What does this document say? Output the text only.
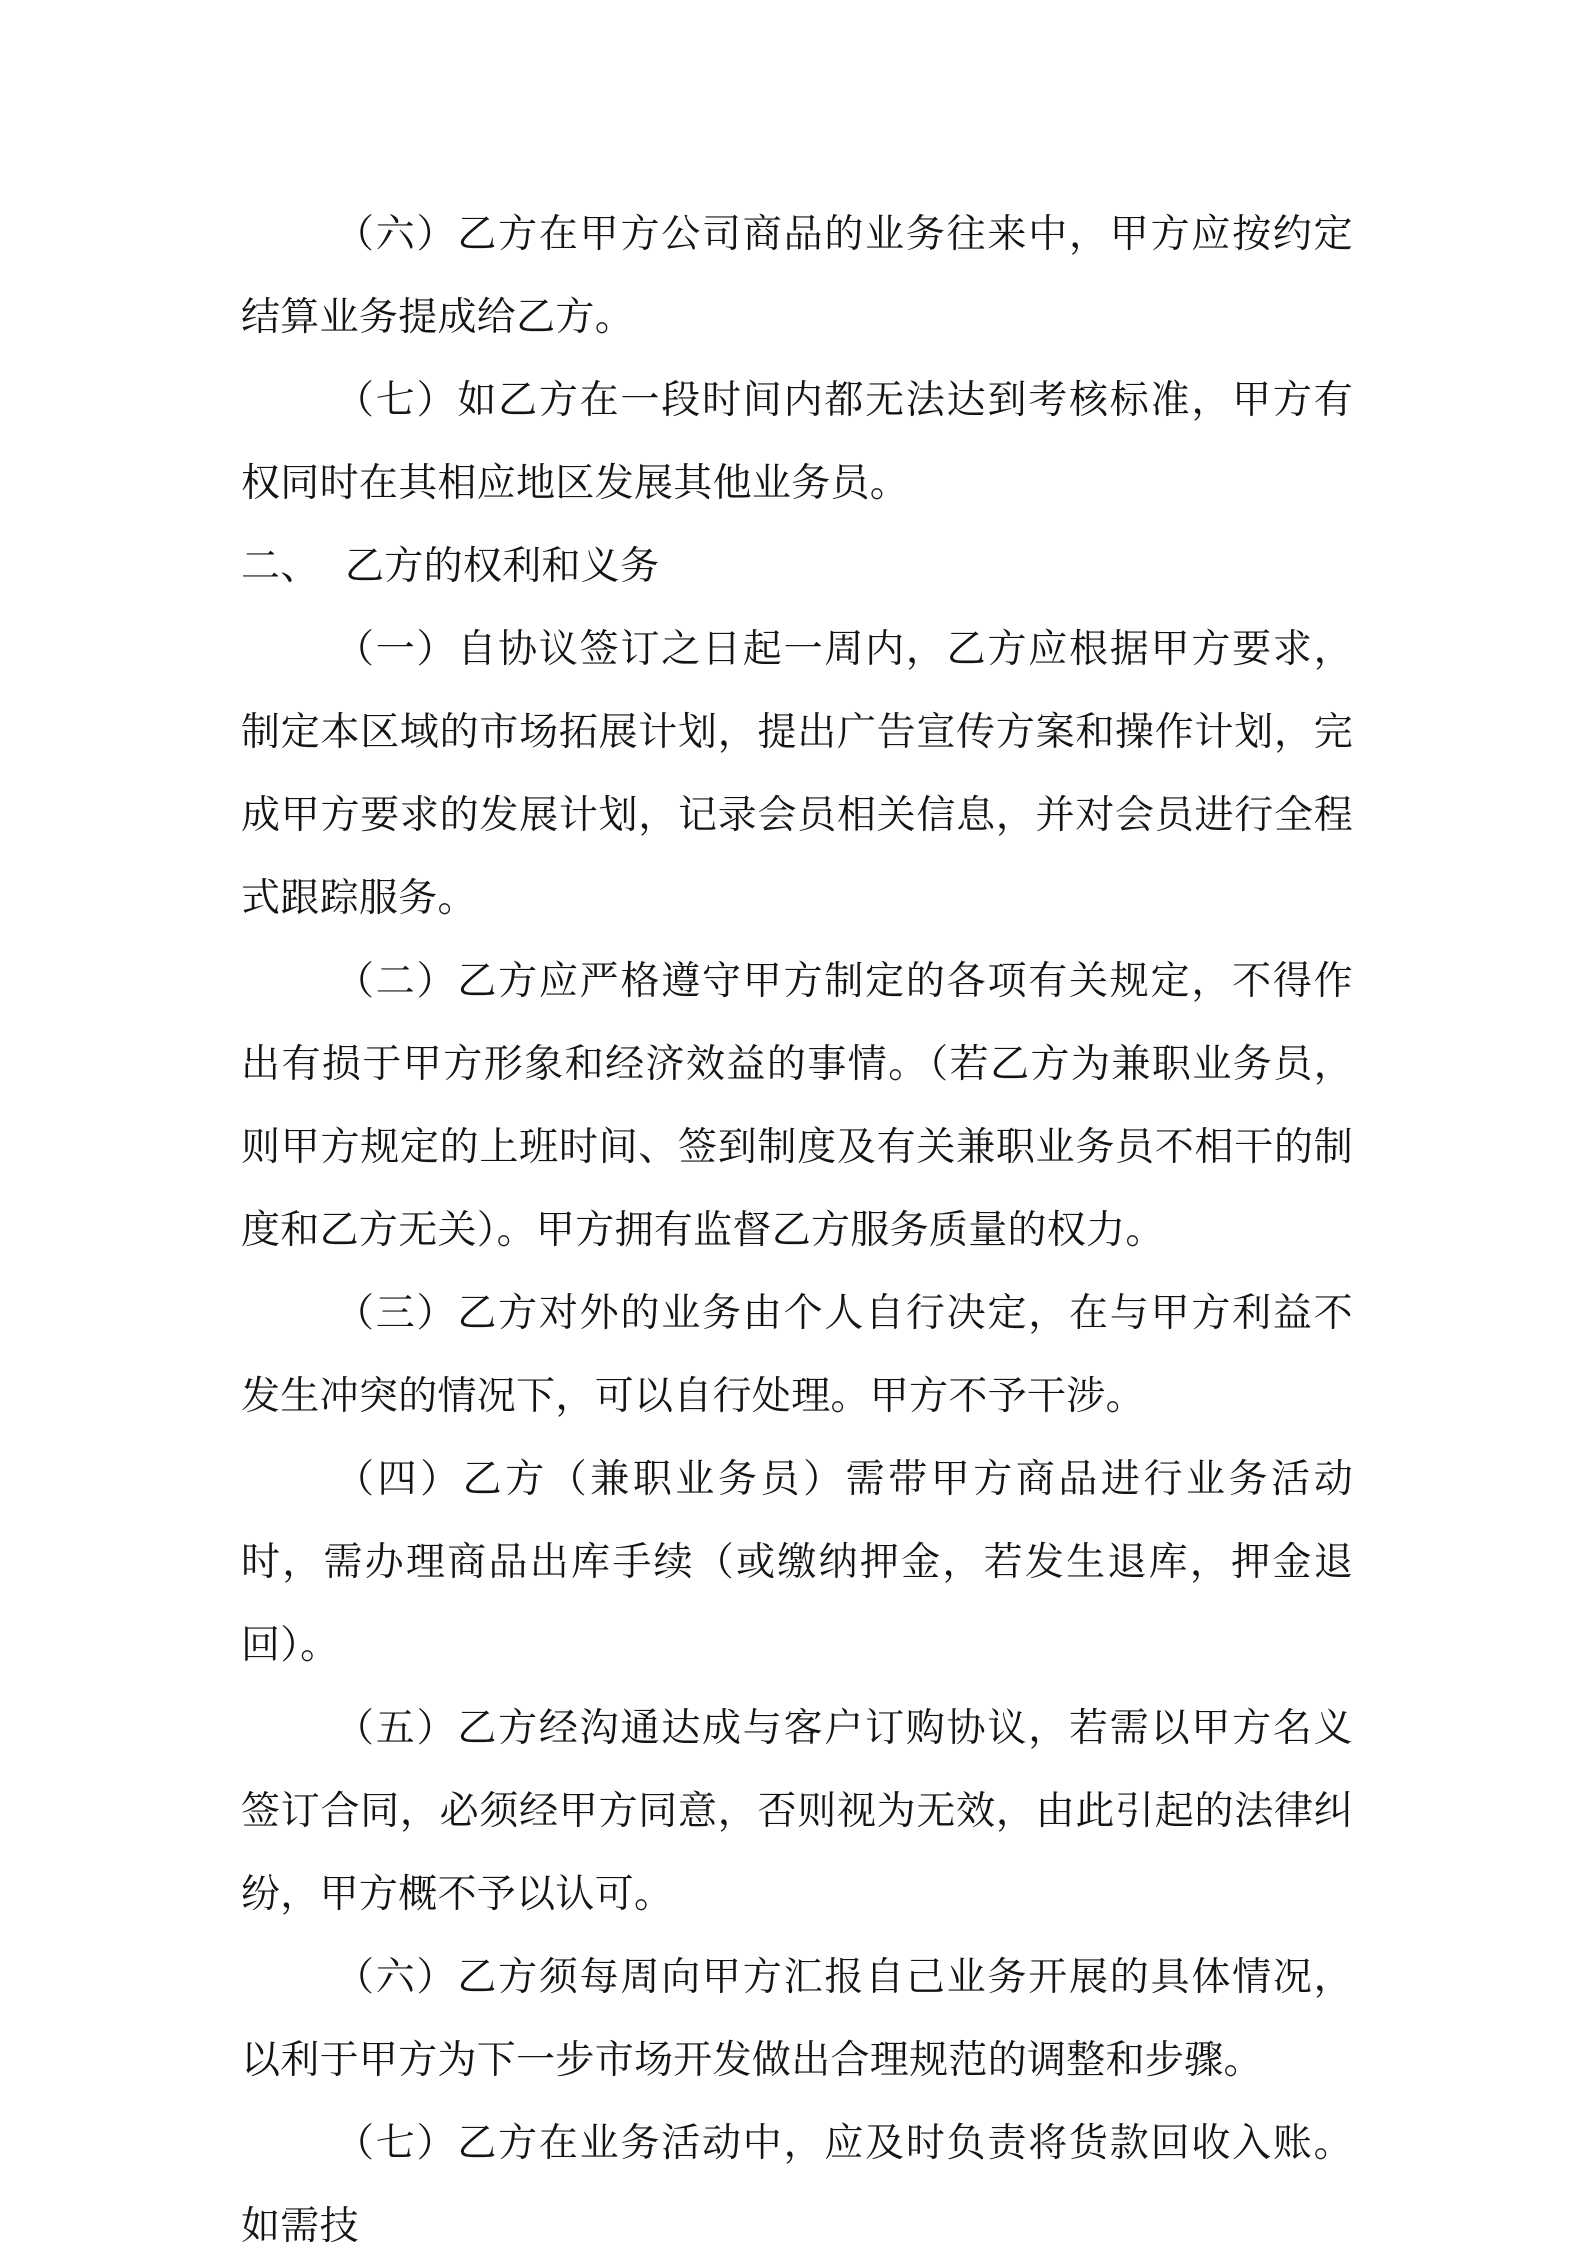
（六）乙方在甲方公司商品的业务往来中，甲方应按约定结算业务提成给乙方。

（七）如乙方在一段时间内都无法达到考核标准，甲方有权同时在其相应地区发展其他业务员。

二、  乙方的权利和义务

（一）自协议签订之日起一周内，乙方应根据甲方要求，制定本区域的市场拓展计划，提出广告宣传方案和操作计划，完成甲方要求的发展计划，记录会员相关信息，并对会员进行全程式跟踪服务。

（二）乙方应严格遵守甲方制定的各项有关规定，不得作出有损于甲方形象和经济效益的事情。（若乙方为兼职业务员，则甲方规定的上班时间、签到制度及有关兼职业务员不相干的制度和乙方无关）。甲方拥有监督乙方服务质量的权力。

（三）乙方对外的业务由个人自行决定，在与甲方利益不发生冲突的情况下，可以自行处理。甲方不予干涉。

（四）乙方（兼职业务员）需带甲方商品进行业务活动时，需办理商品出库手续（或缴纳押金，若发生退库，押金退回）。

（五）乙方经沟通达成与客户订购协议，若需以甲方名义签订合同，必须经甲方同意，否则视为无效，由此引起的法律纠纷，甲方概不予以认可。

（六）乙方须每周向甲方汇报自己业务开展的具体情况，以利于甲方为下一步市场开发做出合理规范的调整和步骤。

（七）乙方在业务活动中，应及时负责将货款回收入账。如需技
